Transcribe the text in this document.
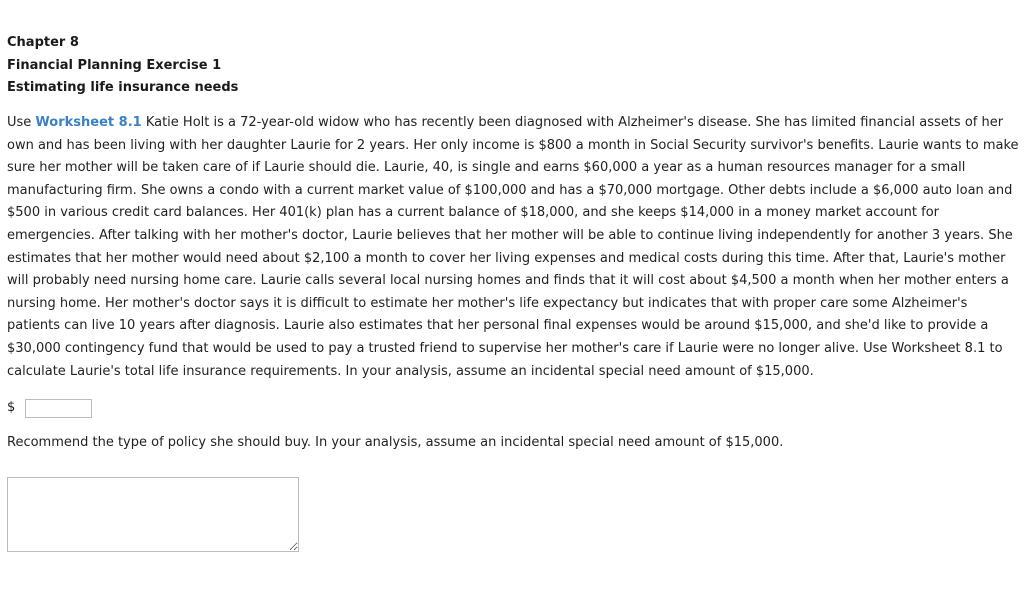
Chapter 8
Financial Planning Exercise 1
Estimating life insurance needs

Use Worksheet 8.1 Katie Holt is a 72-year-old widow who has recently been diagnosed with Alzheimer's disease. She has limited financial assets of her own and has been living with her daughter Laurie for 2 years. Her only income is $800 a month in Social Security survivor's benefits. Laurie wants to make sure her mother will be taken care of if Laurie should die. Laurie, 40, is single and earns $60,000 a year as a human resources manager for a small manufacturing firm. She owns a condo with a current market value of $100,000 and has a $70,000 mortgage. Other debts include a $6,000 auto loan and $500 in various credit card balances. Her 401(k) plan has a current balance of $18,000, and she keeps $14,000 in a money market account for emergencies. After talking with her mother's doctor, Laurie believes that her mother will be able to continue living independently for another 3 years. She estimates that her mother would need about $2,100 a month to cover her living expenses and medical costs during this time. After that, Laurie's mother will probably need nursing home care. Laurie calls several local nursing homes and finds that it will cost about $4,500 a month when her mother enters a nursing home. Her mother's doctor says it is difficult to estimate her mother's life expectancy but indicates that with proper care some Alzheimer's patients can live 10 years after diagnosis. Laurie also estimates that her personal final expenses would be around $15,000, and she'd like to provide a $30,000 contingency fund that would be used to pay a trusted friend to supervise her mother's care if Laurie were no longer alive. Use Worksheet 8.1 to calculate Laurie's total life insurance requirements. In your analysis, assume an incidental special need amount of $15,000.

$
Recommend the type of policy she should buy. In your analysis, assume an incidental special need amount of $15,000.
